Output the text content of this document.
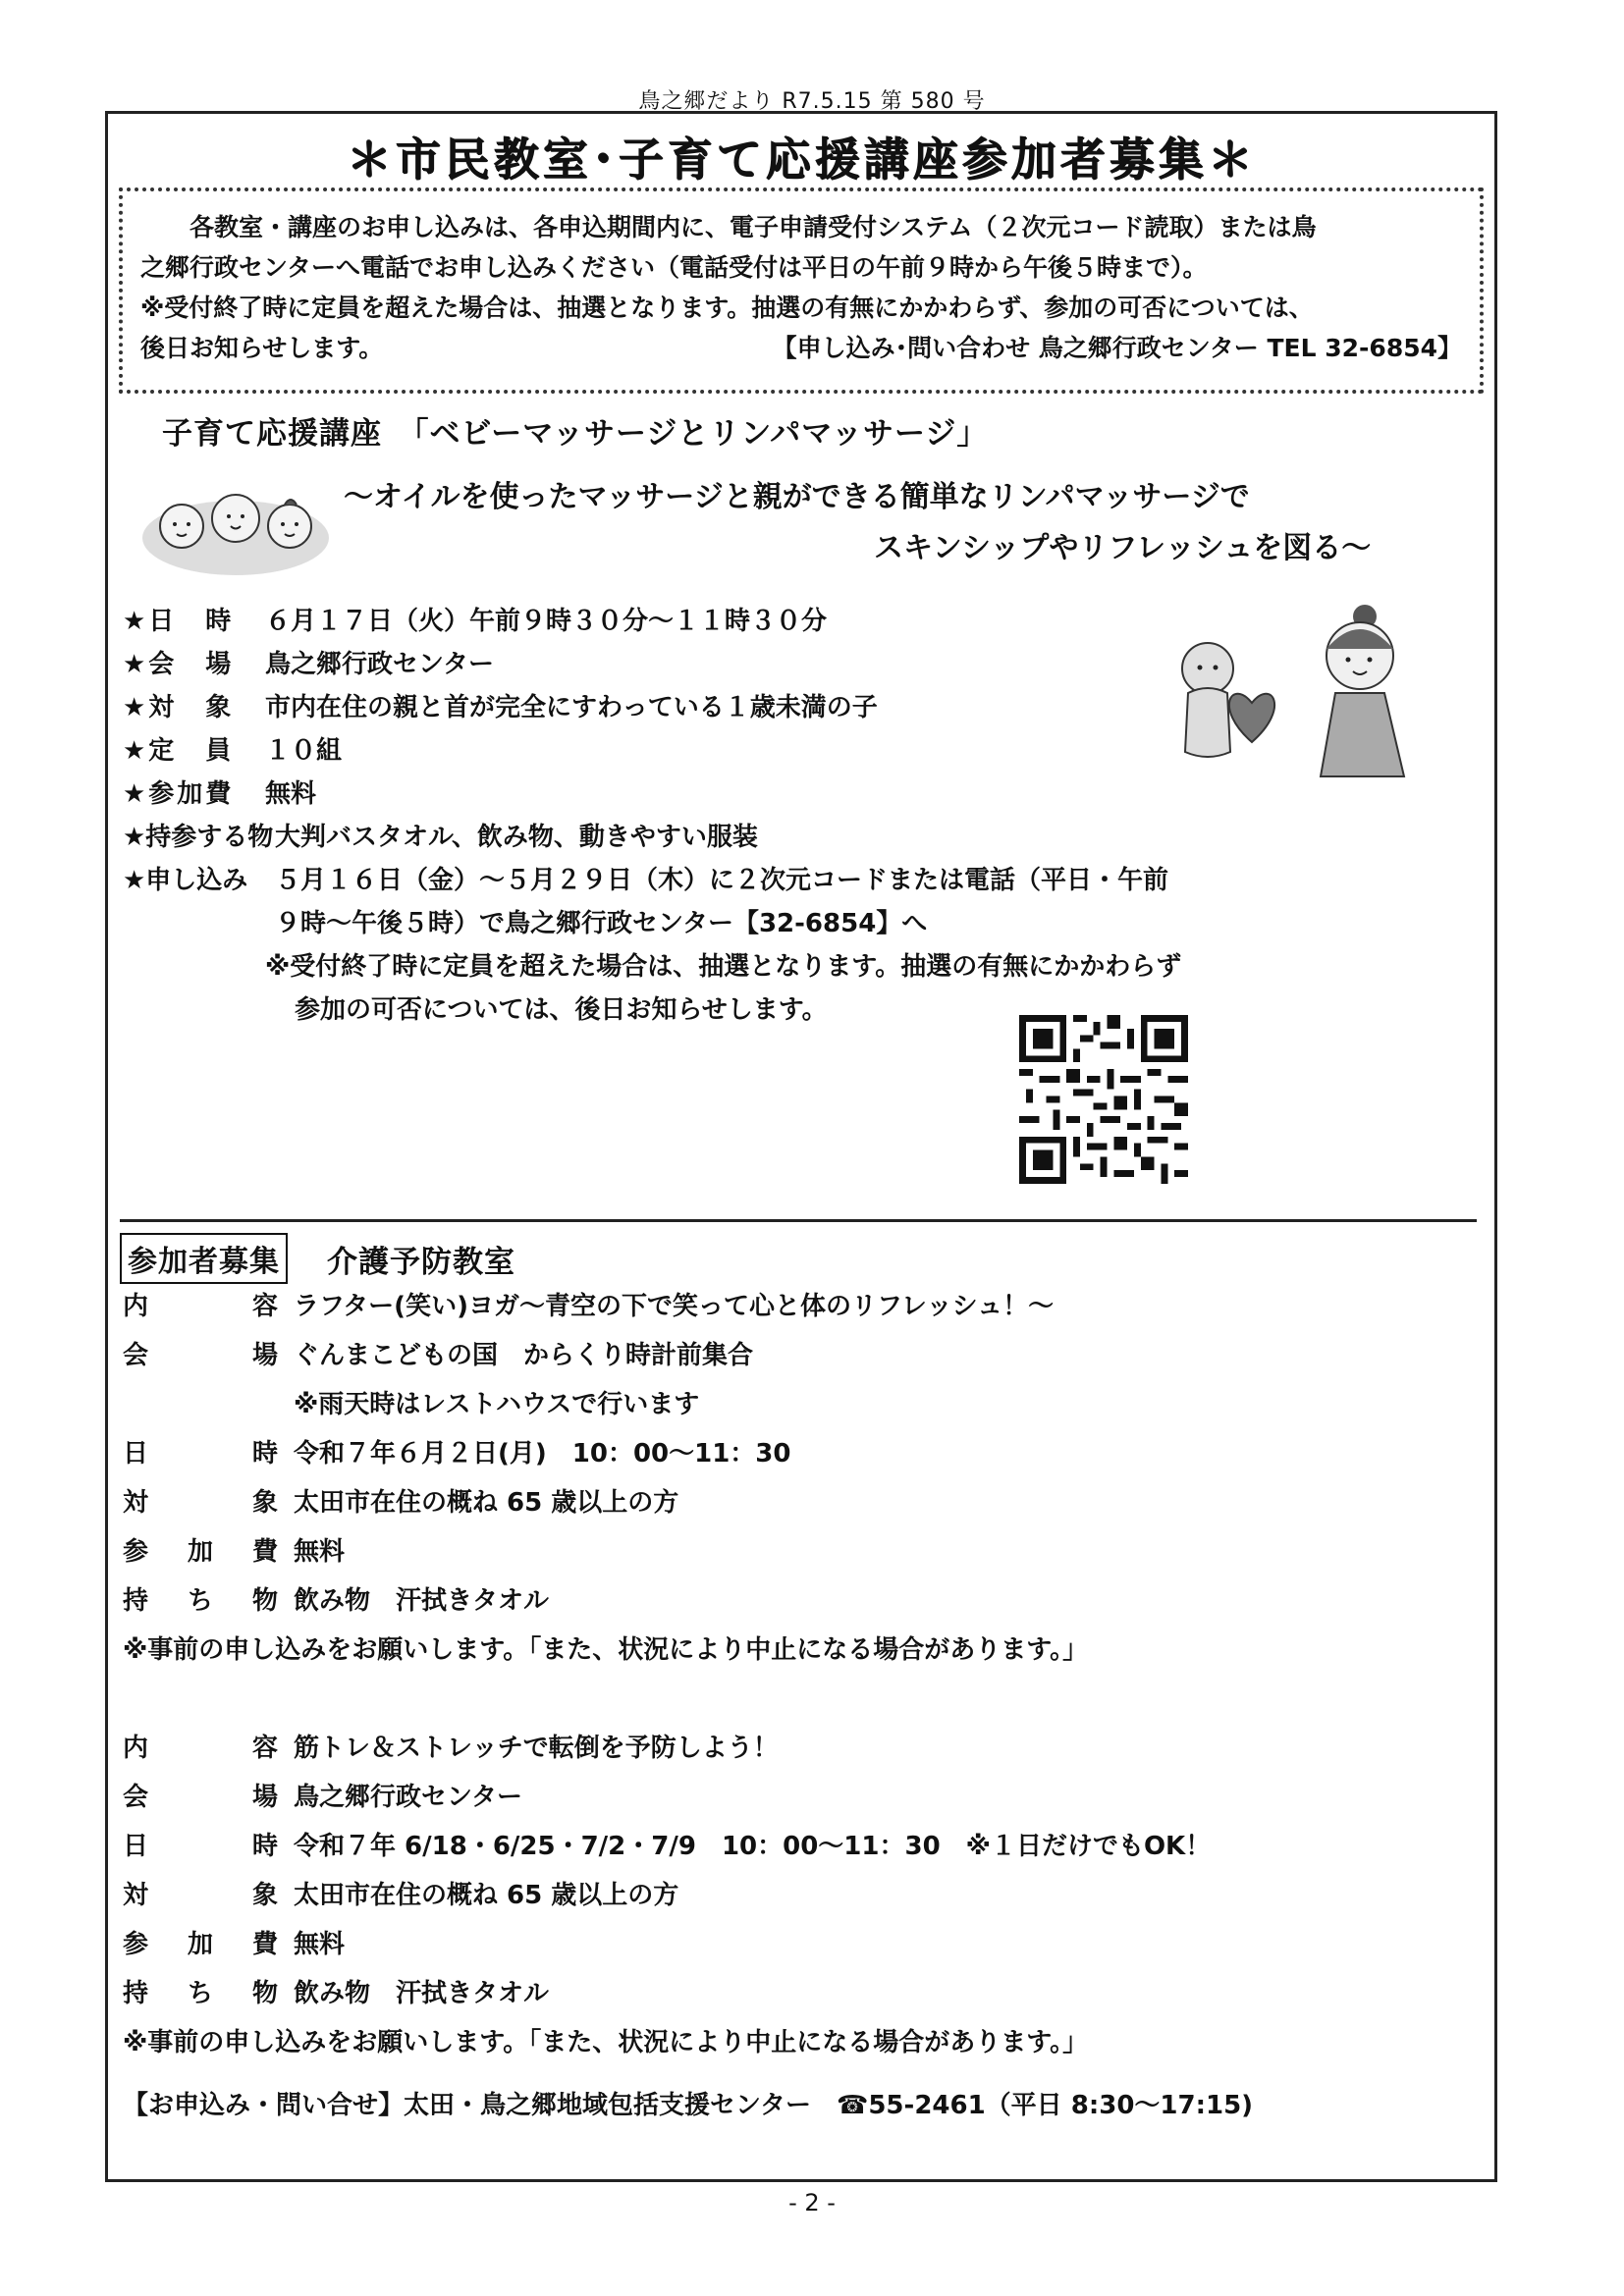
鳥之郷だより R7.5.15 第 580 号
＊市民教室･子育て応援講座参加者募集＊

各教室・講座のお申し込みは、各申込期間内に、電子申請受付システム（２次元コード読取）または鳥

之郷行政センターへ電話でお申し込みください（電話受付は平日の午前９時から午後５時まで）。

※受付終了時に定員を超えた場合は、抽選となります。抽選の有無にかかわらず、参加の可否については、

後日お知らせします。	【申し込み･問い合わせ 鳥之郷行政センター TEL 32-6854】
子育て応援講座　「ベビーマッサージとリンパマッサージ」
～オイルを使ったマッサージと親ができる簡単なリンパマッサージで
スキンシップやリフレッシュを図る～
★日　時	６月１７日（火）午前９時３０分～１１時３０分
★会　場	鳥之郷行政センター
★対　象	市内在住の親と首が完全にすわっている１歳未満の子
★定　員	１０組
★参加費	無料
★持参する物 大判バスタオル、飲み物、動きやすい服装
★申し込み	５月１６日（金）～５月２９日（木）に２次元コードまたは電話（平日・午前
９時～午後５時）で鳥之郷行政センター【32-6854】へ
※受付終了時に定員を超えた場合は、抽選となります。抽選の有無にかかわらず
参加の可否については、後日お知らせします。
参加者募集 介護予防教室
内	容 ラフター(笑い)ヨガ～青空の下で笑って心と体のリフレッシュ！～
会	場 ぐんまこどもの国　からくり時計前集合
※雨天時はレストハウスで行います
日	時 令和７年６月２日(月)　10：00～11：30
対	象 太田市在住の概ね 65 歳以上の方
参 加 費 無料
持 ち 物 飲み物　汗拭きタオル
※事前の申し込みをお願いします。「また、状況により中止になる場合があります。」
内	容 筋トレ＆ストレッチで転倒を予防しよう！
会	場 鳥之郷行政センター
日	時 令和７年 6/18・6/25・7/2・7/9　10：00～11：30　※１日だけでもOK！
対	象 太田市在住の概ね 65 歳以上の方
参 加 費 無料
持 ち 物 飲み物　汗拭きタオル
※事前の申し込みをお願いします。「また、状況により中止になる場合があります。」
【お申込み・問い合せ】太田・鳥之郷地域包括支援センター　☎55-2461（平日 8:30～17:15)
- 2 -
